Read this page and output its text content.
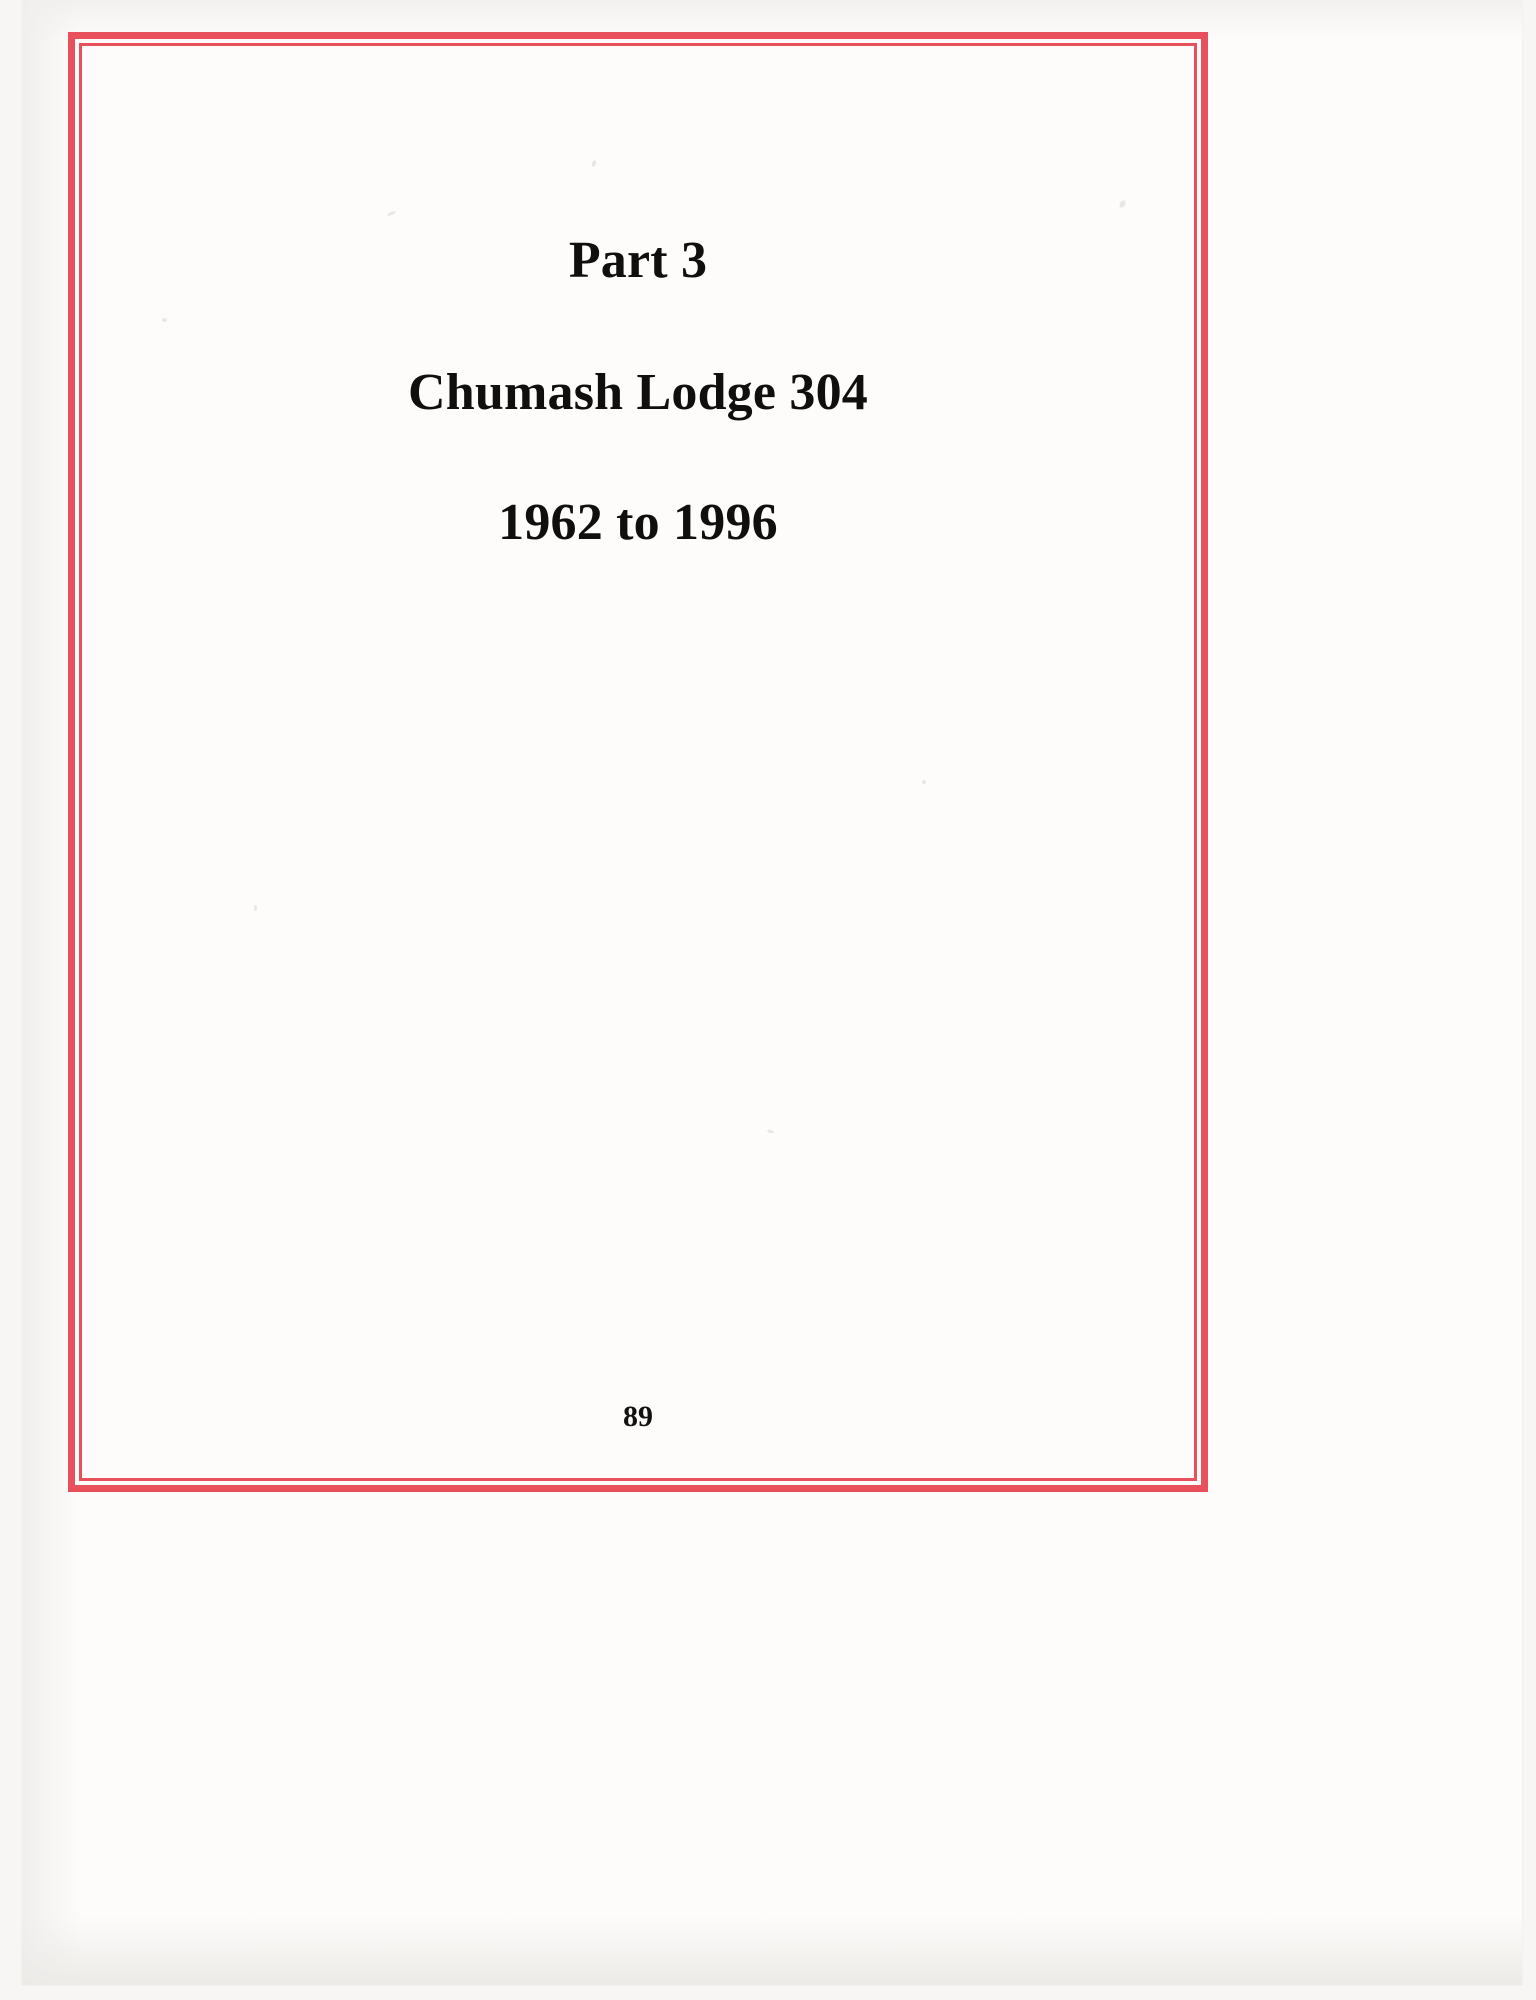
Part 3
Chumash Lodge 304
1962 to 1996
89
